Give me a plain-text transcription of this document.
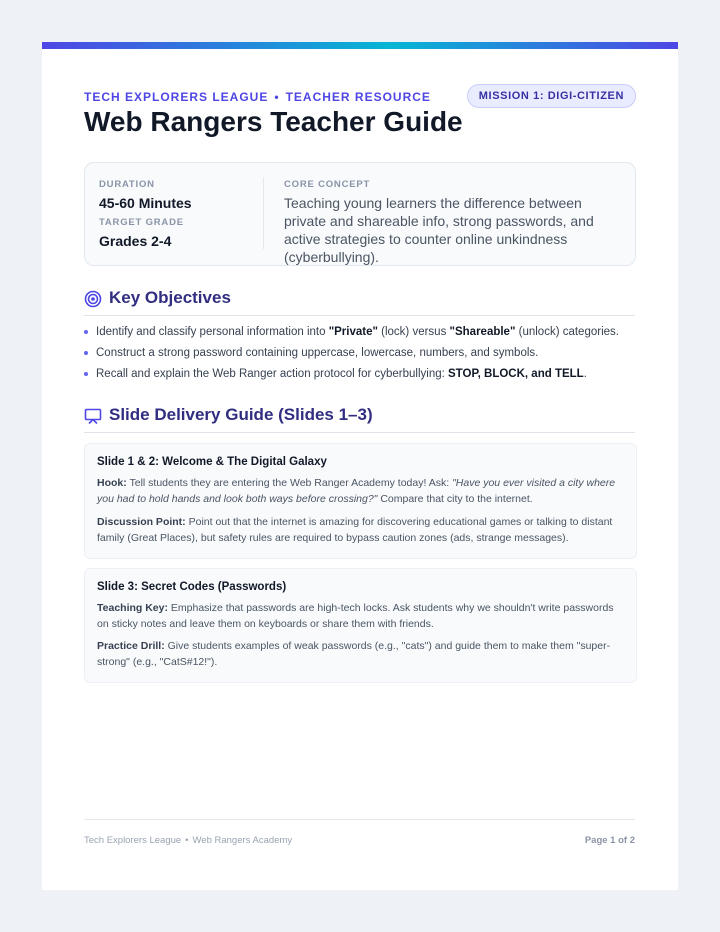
TECH EXPLORERS LEAGUE • TEACHER RESOURCE	MISSION 1: DIGI-CITIZEN
Web Rangers Teacher Guide
DURATION
45-60 Minutes
TARGET GRADE
Grades 2-4
CORE CONCEPT
Teaching young learners the difference between private and shareable info, strong passwords, and active strategies to counter online unkindness (cyberbullying).
Key Objectives
Identify and classify personal information into "Private" (lock) versus "Shareable" (unlock) categories.
Construct a strong password containing uppercase, lowercase, numbers, and symbols.
Recall and explain the Web Ranger action protocol for cyberbullying: STOP, BLOCK, and TELL.
Slide Delivery Guide (Slides 1–3)
Slide 1 & 2: Welcome & The Digital Galaxy

Hook: Tell students they are entering the Web Ranger Academy today! Ask: "Have you ever visited a city where you had to hold hands and look both ways before crossing?" Compare that city to the internet.

Discussion Point: Point out that the internet is amazing for discovering educational games or talking to distant family (Great Places), but safety rules are required to bypass caution zones (ads, strange messages).

Slide 3: Secret Codes (Passwords)

Teaching Key: Emphasize that passwords are high-tech locks. Ask students why we shouldn't write passwords on sticky notes and leave them on keyboards or share them with friends.

Practice Drill: Give students examples of weak passwords (e.g., "cats") and guide them to make them "super-strong" (e.g., "CatS#12!").

Tech Explorers League • Web Rangers Academy	Page 1 of 2
